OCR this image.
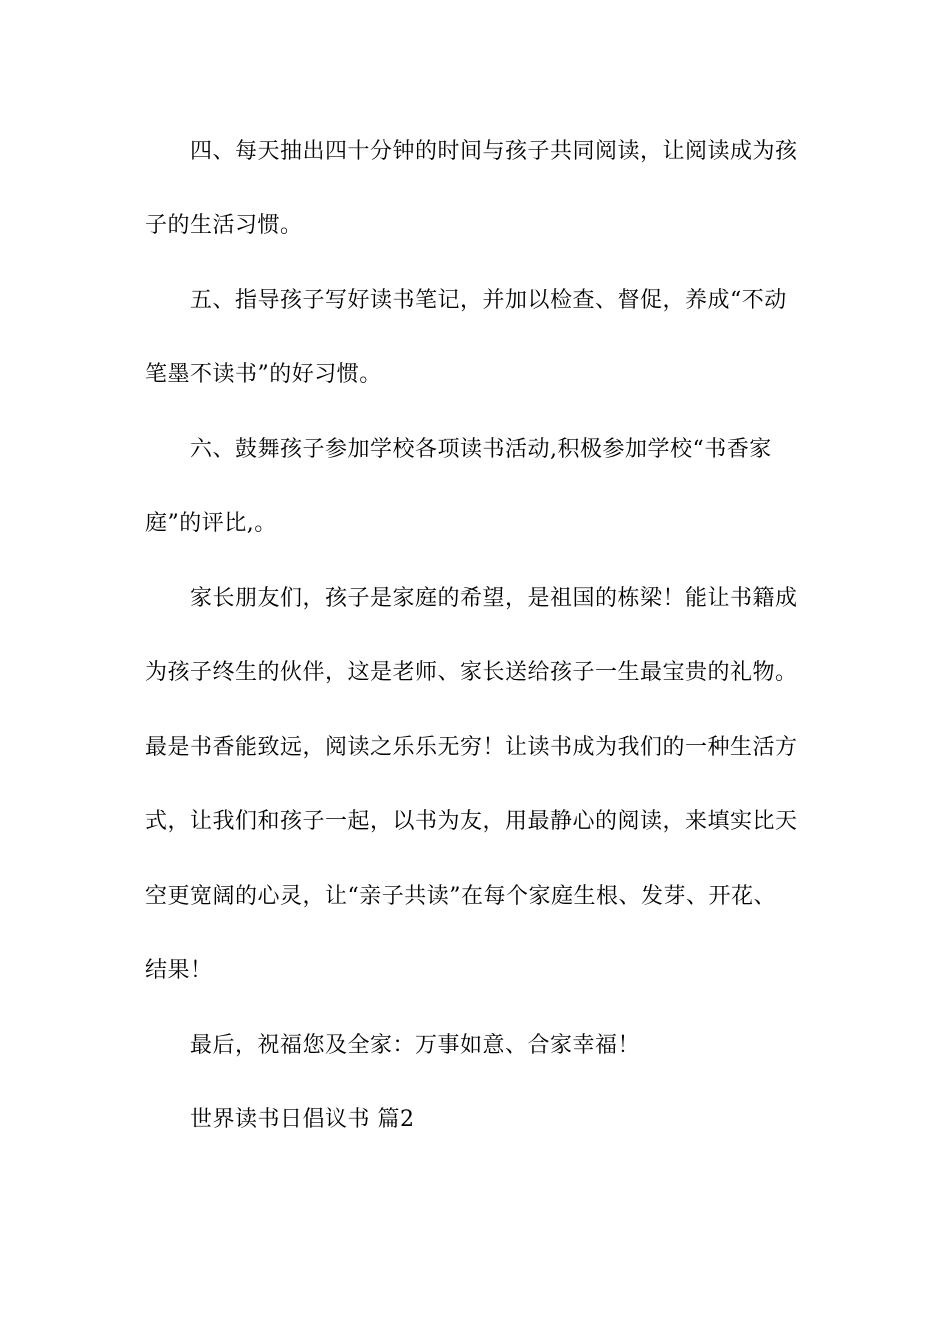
四、每天抽出四十分钟的时间与孩子共同阅读，让阅读成为孩
子的生活习惯。
五、指导孩子写好读书笔记，并加以检查、督促，养成“不动
笔墨不读书”的好习惯。
六、鼓舞孩子参加学校各项读书活动,积极参加学校“书香家
庭”的评比,。
家长朋友们，孩子是家庭的希望，是祖国的栋梁！能让书籍成
为孩子终生的伙伴，这是老师、家长送给孩子一生最宝贵的礼物。
最是书香能致远，阅读之乐乐无穷！让读书成为我们的一种生活方
式，让我们和孩子一起，以书为友，用最静心的阅读，来填实比天
空更宽阔的心灵，让“亲子共读”在每个家庭生根、发芽、开花、
结果！
最后，祝福您及全家：万事如意、合家幸福！
世界读书日倡议书 篇2
